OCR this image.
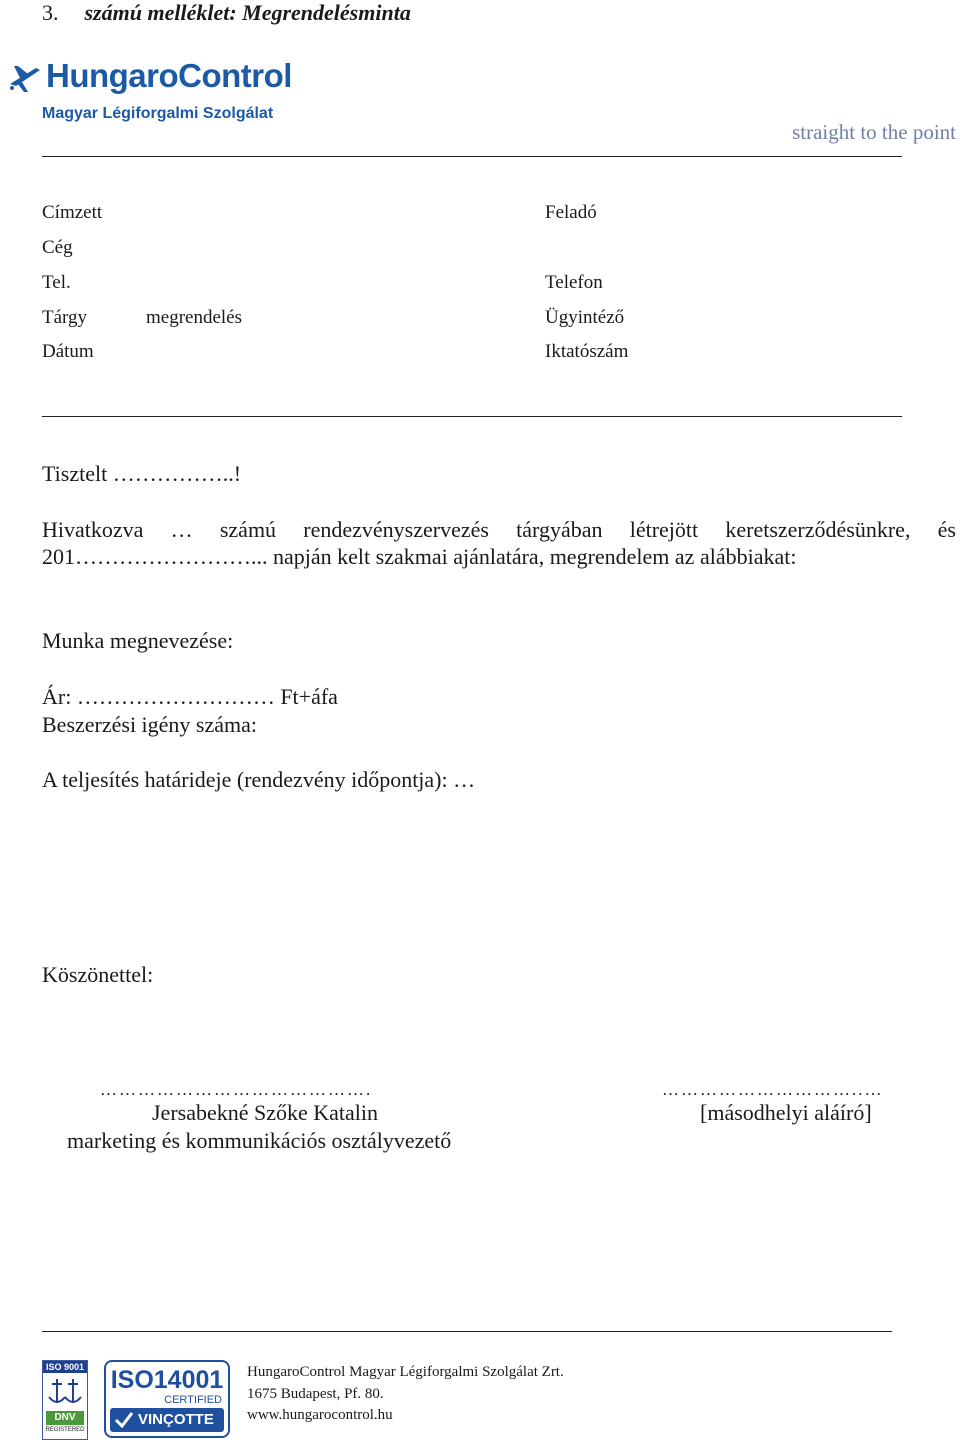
3. számú melléklet: Megrendelésminta
HungaroControl
Magyar Légiforgalmi Szolgálat
straight to the point
Címzett
Cég
Tel.
Tárgy	megrendelés
Dátum
Feladó
Telefon
Ügyintéző
Iktatószám
Tisztelt ……………..!
Hivatkozva … számú rendezvényszervezés tárgyában létrejött keretszerződésünkre, és
201……………………... napján kelt szakmai ajánlatára, megrendelem az alábbiakat:
Munka megnevezése:
Ár: ……………………… Ft+áfa
Beszerzési igény száma:
A teljesítés határideje (rendezvény időpontja): …
Köszönettel:
…………………………………….
Jersabekné Szőke Katalin
marketing és kommunikációs osztályvezető
…………………………..…
[másodhelyi aláíró]
ISO 9001
DNV
REGISTERED
ISO14001
CERTIFIED
VINÇOTTE
HungaroControl Magyar Légiforgalmi Szolgálat Zrt.
1675 Budapest, Pf. 80.
www.hungarocontrol.hu
